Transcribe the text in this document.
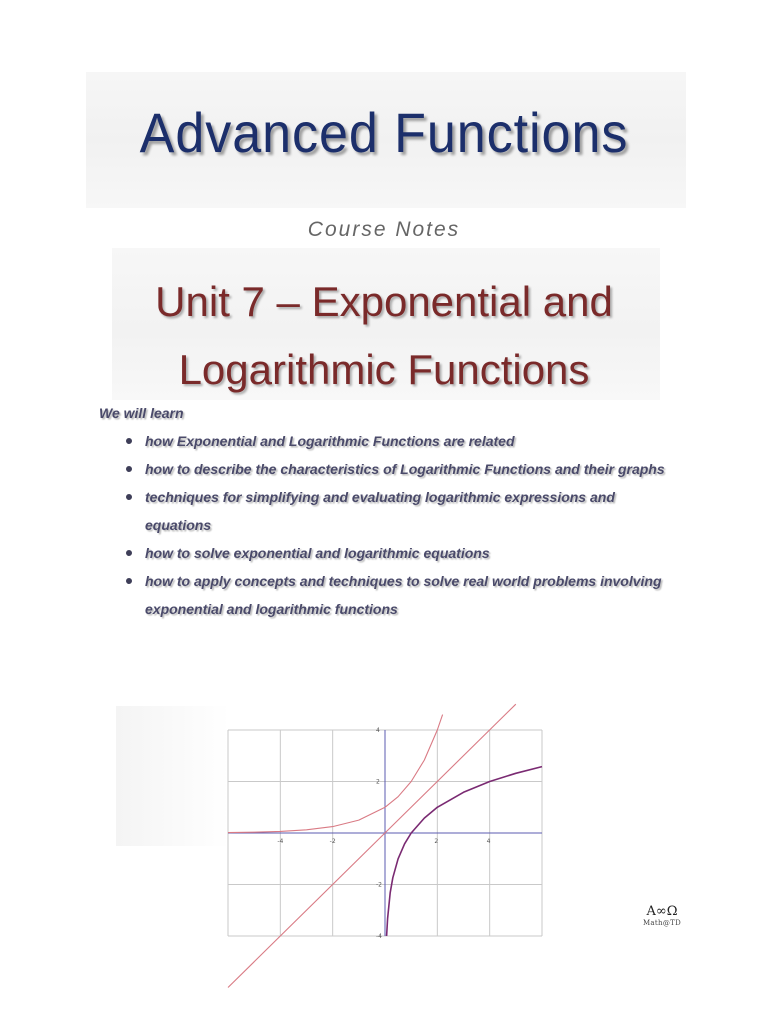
Advanced Functions
Course Notes
Unit 7 – Exponential and
Logarithmic Functions

We will learn

how Exponential and Logarithmic Functions are related
how to describe the characteristics of Logarithmic Functions and their graphs
techniques for simplifying and evaluating logarithmic expressions and equations
how to solve exponential and logarithmic equations
how to apply concepts and techniques to solve real world problems involving exponential and logarithmic functions
-4	-2	2	4
-4
-2
2
4
A∞Ω
Math@TD
